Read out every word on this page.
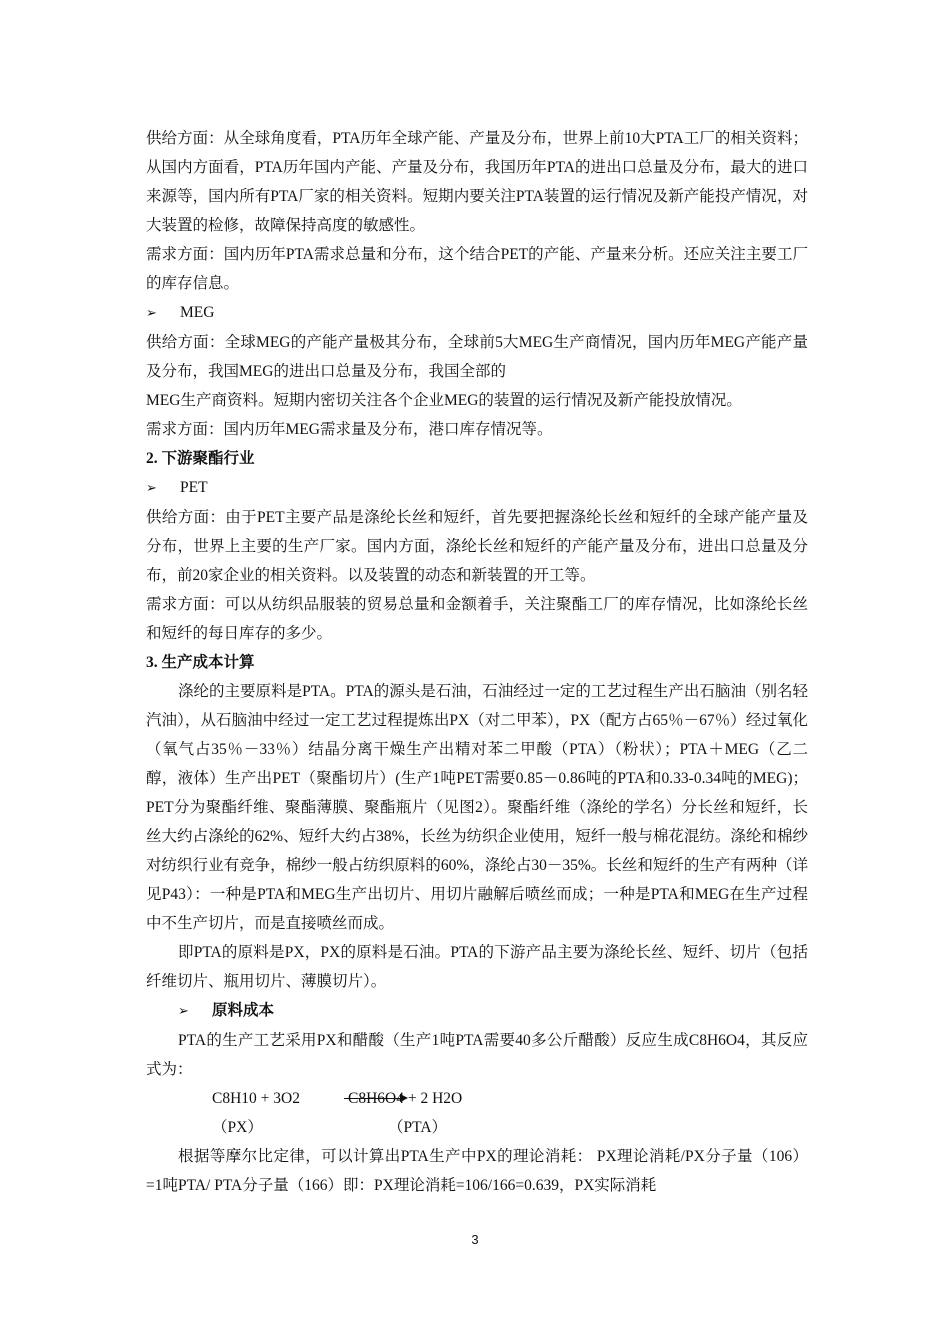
供给方面：从全球角度看，PTA历年全球产能、产量及分布，世界上前10大PTA工厂的相关资料；从国内方面看，PTA历年国内产能、产量及分布，我国历年PTA的进出口总量及分布，最大的进口来源等，国内所有PTA厂家的相关资料。短期内要关注PTA装置的运行情况及新产能投产情况，对大装置的检修，故障保持高度的敏感性。

需求方面：国内历年PTA需求总量和分布，这个结合PET的产能、产量来分析。还应关注主要工厂的库存信息。

➢	MEG

供给方面：全球MEG的产能产量极其分布，全球前5大MEG生产商情况，国内历年MEG产能产量及分布，我国MEG的进出口总量及分布，我国全部的

MEG生产商资料。短期内密切关注各个企业MEG的装置的运行情况及新产能投放情况。

需求方面：国内历年MEG需求量及分布，港口库存情况等。

2. 下游聚酯行业

➢	PET

供给方面：由于PET主要产品是涤纶长丝和短纤，首先要把握涤纶长丝和短纤的全球产能产量及分布，世界上主要的生产厂家。国内方面，涤纶长丝和短纤的产能产量及分布，进出口总量及分布，前20家企业的相关资料。以及装置的动态和新装置的开工等。

需求方面：可以从纺织品服装的贸易总量和金额着手，关注聚酯工厂的库存情况，比如涤纶长丝和短纤的每日库存的多少。

3. 生产成本计算

涤纶的主要原料是PTA。PTA的源头是石油，石油经过一定的工艺过程生产出石脑油（别名轻汽油），从石脑油中经过一定工艺过程提炼出PX（对二甲苯），PX（配方占65％－67％）经过氧化（氧气占35％－33％）结晶分离干燥生产出精对苯二甲酸（PTA）（粉状）；PTA＋MEG（乙二醇，液体）生产出PET（聚酯切片）(生产1吨PET需要0.85－0.86吨的PTA和0.33-0.34吨的MEG)；PET分为聚酯纤维、聚酯薄膜、聚酯瓶片（见图2）。聚酯纤维（涤纶的学名）分长丝和短纤，长丝大约占涤纶的62%、短纤大约占38%，长丝为纺织企业使用，短纤一般与棉花混纺。涤纶和棉纱对纺织行业有竞争，棉纱一般占纺织原料的60%，涤纶占30－35%。长丝和短纤的生产有两种（详见P43）：一种是PTA和MEG生产出切片、用切片融解后喷丝而成；一种是PTA和MEG在生产过程中不生产切片，而是直接喷丝而成。

即PTA的原料是PX，PX的原料是石油。PTA的下游产品主要为涤纶长丝、短纤、切片（包括纤维切片、瓶用切片、薄膜切片）。

➢	原料成本

PTA的生产工艺采用PX和醋酸（生产1吨PTA需要40多公斤醋酸）反应生成C8H6O4，其反应式为：

C8H10 + 3O2	C8H6O4 + 2 H2O
（PX）	（PTA）

根据等摩尔比定律，可以计算出PTA生产中PX的理论消耗： PX理论消耗/PX分子量（106）=1吨PTA/ PTA分子量（166）即：PX理论消耗=106/166=0.639，PX实际消耗

3
